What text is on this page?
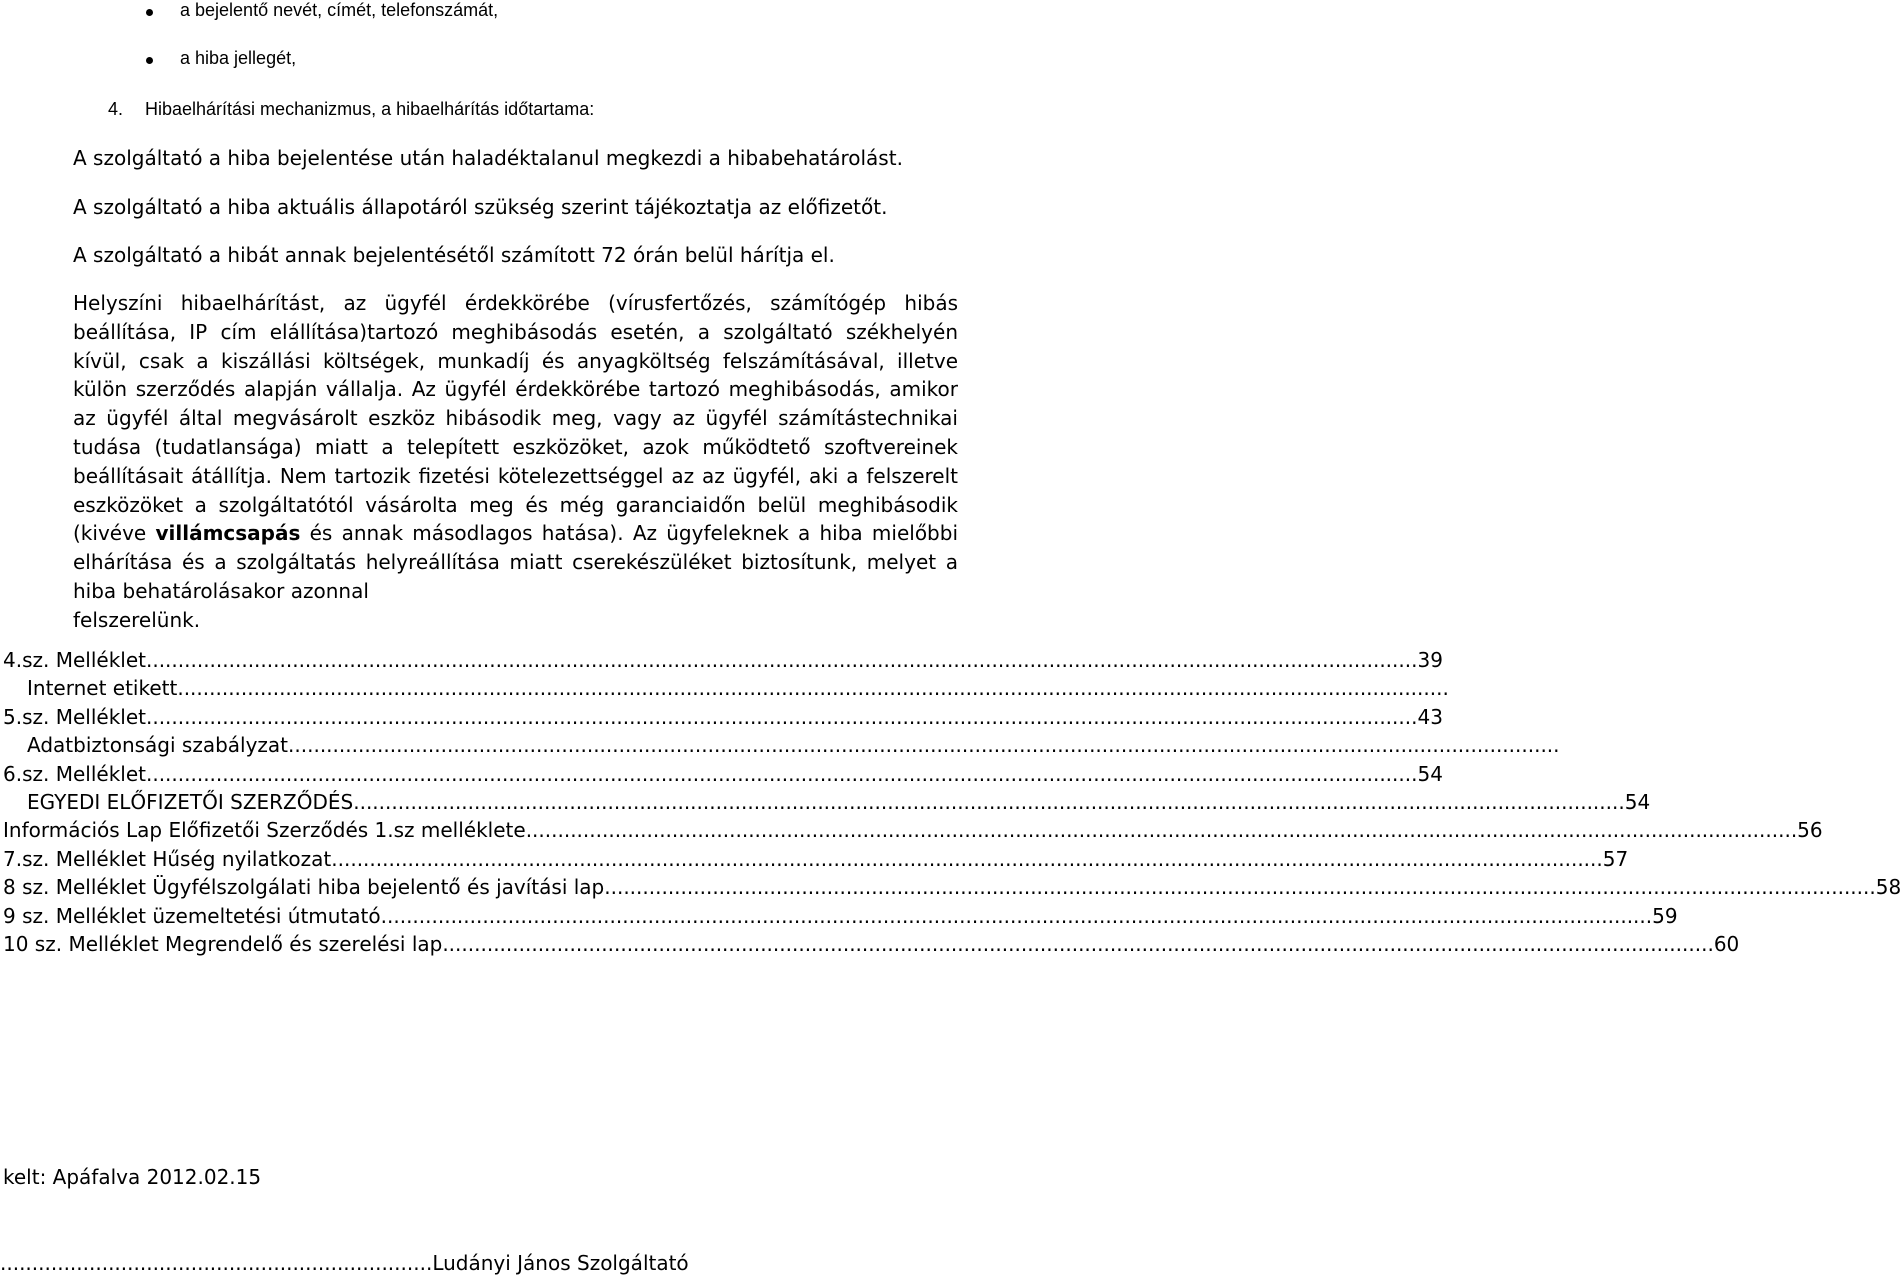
a bejelentő nevét, címét, telefonszámát,
a hiba jellegét,
4. Hibaelhárítási mechanizmus, a hibaelhárítás időtartama:
A szolgáltató a hiba bejelentése után haladéktalanul megkezdi a hibabehatárolást.
A szolgáltató a hiba aktuális állapotáról szükség szerint tájékoztatja az előfizetőt.
A szolgáltató a hibát annak bejelentésétől számított 72 órán belül hárítja el.
Helyszíni hibaelhárítást, az ügyfél érdekkörébe (vírusfertőzés, számítógép hibás beállítása, IP cím elállítása)tartozó meghibásodás esetén, a szolgáltató székhelyén kívül, csak a kiszállási költségek, munkadíj és anyagköltség felszámításával, illetve külön szerződés alapján vállalja. Az ügyfél érdekkörébe tartozó meghibásodás, amikor az ügyfél által megvásárolt eszköz hibásodik meg, vagy az ügyfél számítástechnikai tudása (tudatlansága) miatt a telepített eszközöket, azok működtető szoftvereinek beállításait átállítja. Nem tartozik fizetési kötelezettséggel az az ügyfél, aki a felszerelt eszközöket a szolgáltatótól vásárolta meg és még garanciaidőn belül meghibásodik (kivéve villámcsapás és annak másodlagos hatása). Az ügyfeleknek a hiba mielőbbi elhárítása és a szolgáltatás helyreállítása miatt cserekészüléket biztosítunk, melyet a hiba behatárolásakor azonnal
felszerelünk.
4.sz. Melléklet ........................................................................................................................................................................................................ 39
Internet etikett ........................................................................................................................................................................................................
5.sz. Melléklet ........................................................................................................................................................................................................ 43
Adatbiztonsági szabályzat ........................................................................................................................................................................................................
6.sz. Melléklet ........................................................................................................................................................................................................ 54
EGYEDI ELŐFIZETŐI SZERZŐDÉS ........................................................................................................................................................................................................ 54
Információs Lap Előfizetői Szerződés 1.sz melléklete ........................................................................................................................................................................................................ 56
7.sz. Melléklet Hűség nyilatkozat ........................................................................................................................................................................................................ 57
8 sz. Melléklet Ügyfélszolgálati hiba bejelentő és javítási lap ........................................................................................................................................................................................................ 58
9 sz. Melléklet üzemeltetési útmutató ........................................................................................................................................................................................................ 59
10 sz. Melléklet Megrendelő és szerelési lap ........................................................................................................................................................................................................ 60
kelt: Apáfalva 2012.02.15
....................................................................Ludányi János Szolgáltató
